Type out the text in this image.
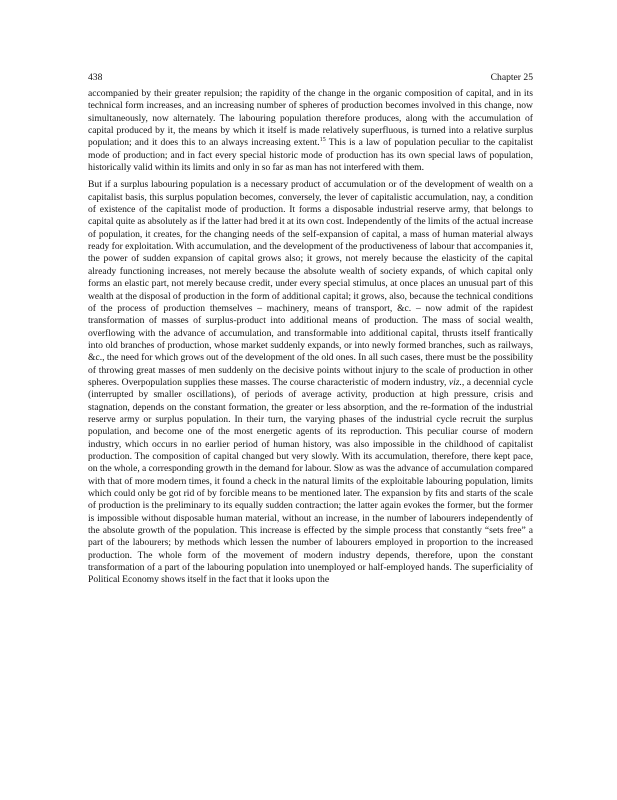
438	Chapter 25

accompanied by their greater repulsion; the rapidity of the change in the organic composition of capital, and in its technical form increases, and an increasing number of spheres of production becomes involved in this change, now simultaneously, now alternately. The labouring population therefore produces, along with the accumulation of capital produced by it, the means by which it itself is made relatively superfluous, is turned into a relative surplus population; and it does this to an always increasing extent.$^{15}$ This is a law of population peculiar to the capitalist mode of production; and in fact every special historic mode of production has its own special laws of population, historically valid within its limits and only in so far as man has not interfered with them.

But if a surplus labouring population is a necessary product of accumulation or of the development of wealth on a capitalist basis, this surplus population becomes, conversely, the lever of capitalistic accumulation, nay, a condition of existence of the capitalist mode of production. It forms a disposable industrial reserve army, that belongs to capital quite as absolutely as if the latter had bred it at its own cost. Independently of the limits of the actual increase of population, it creates, for the changing needs of the self-expansion of capital, a mass of human material always ready for exploitation. With accumulation, and the development of the productiveness of labour that accompanies it, the power of sudden expansion of capital grows also; it grows, not merely because the elasticity of the capital already functioning increases, not merely because the absolute wealth of society expands, of which capital only forms an elastic part, not merely because credit, under every special stimulus, at once places an unusual part of this wealth at the disposal of production in the form of additional capital; it grows, also, because the technical conditions of the process of production themselves – machinery, means of transport, &c. – now admit of the rapidest transformation of masses of surplus-product into additional means of production. The mass of social wealth, overflowing with the advance of accumulation, and transformable into additional capital, thrusts itself frantically into old branches of production, whose market suddenly expands, or into newly formed branches, such as railways, &c., the need for which grows out of the development of the old ones. In all such cases, there must be the possibility of throwing great masses of men suddenly on the decisive points without injury to the scale of production in other spheres. Overpopulation supplies these masses. The course characteristic of modern industry, viz., a decennial cycle (interrupted by smaller oscillations), of periods of average activity, production at high pressure, crisis and stagnation, depends on the constant formation, the greater or less absorption, and the re-formation of the industrial reserve army or surplus population. In their turn, the varying phases of the industrial cycle recruit the surplus population, and become one of the most energetic agents of its reproduction. This peculiar course of modern industry, which occurs in no earlier period of human history, was also impossible in the childhood of capitalist production. The composition of capital changed but very slowly. With its accumulation, therefore, there kept pace, on the whole, a corresponding growth in the demand for labour. Slow as was the advance of accumulation compared with that of more modern times, it found a check in the natural limits of the exploitable labouring population, limits which could only be got rid of by forcible means to be mentioned later. The expansion by fits and starts of the scale of production is the preliminary to its equally sudden contraction; the latter again evokes the former, but the former is impossible without disposable human material, without an increase, in the number of labourers independently of the absolute growth of the population. This increase is effected by the simple process that constantly “sets free” a part of the labourers; by methods which lessen the number of labourers employed in proportion to the increased production. The whole form of the movement of modern industry depends, therefore, upon the constant transformation of a part of the labouring population into unemployed or half-employed hands. The superficiality of Political Economy shows itself in the fact that it looks upon the
